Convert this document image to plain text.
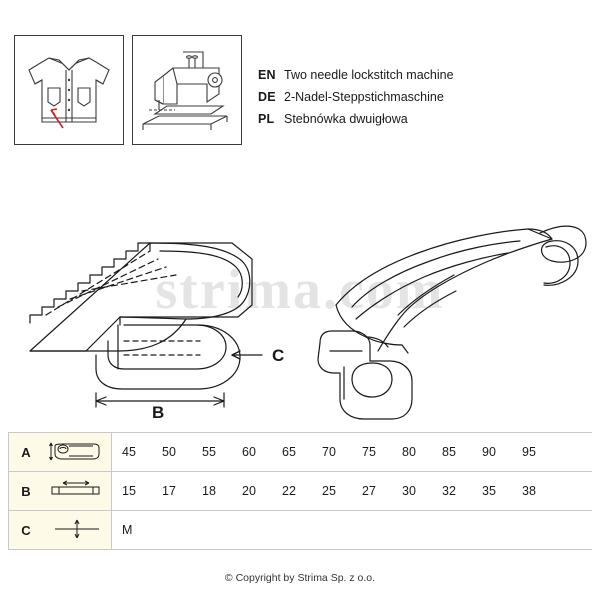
EN Two needle lockstitch machine
DE 2-Nadel-Steppstichmaschine
PL Stebnówka dwuigłowa
strima.com
C
B
A		45	50	55	60	65	70	75	80	85	90	95

B		15	17	18	20	22	25	27	30	32	35	38

C		M
© Copyright by Strima Sp. z o.o.
